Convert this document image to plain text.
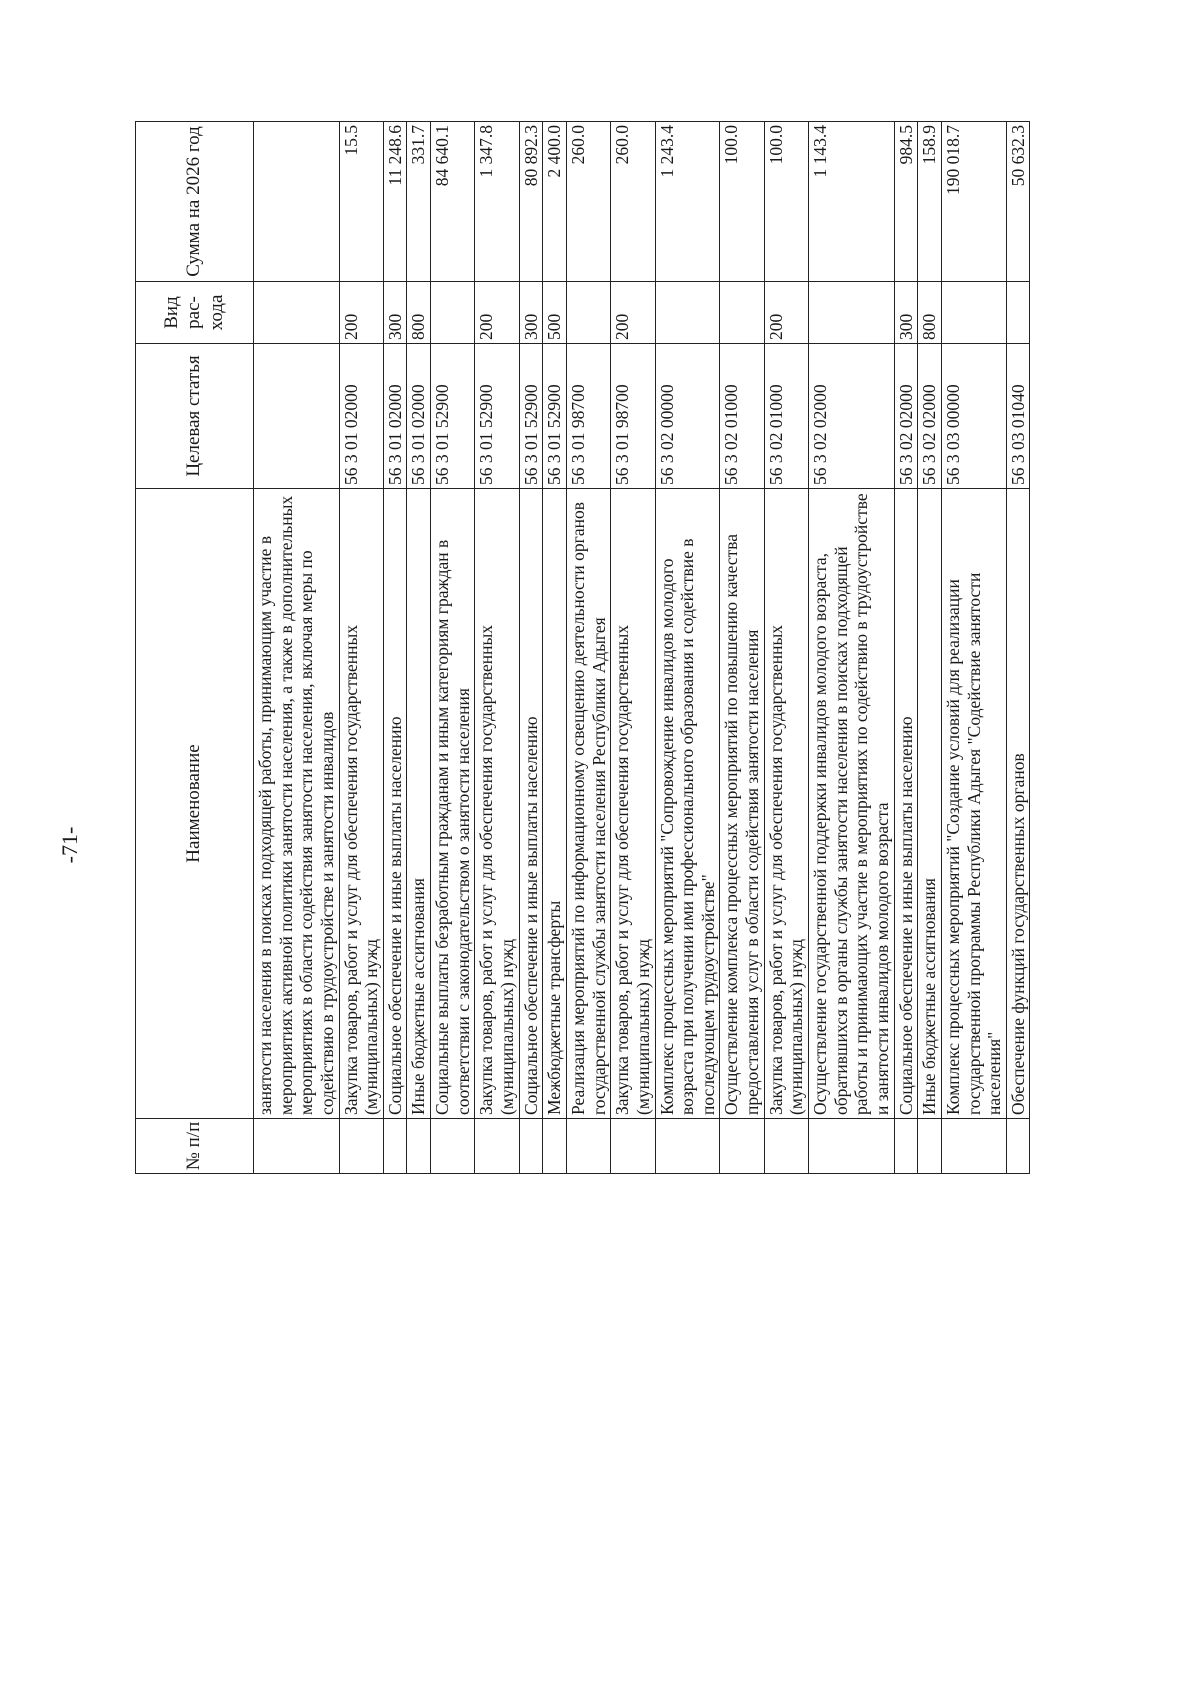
-71-
№ п/п	Наименование	Целевая статья	Вид рас-хода	Сумма на 2026 год
	занятости населения в поисках подходящей работы, принимающим участие в мероприятиях активной политики занятости населения, а также в дополнительных мероприятиях в области содействия занятости населения, включая меры по содействию в трудоустройстве и занятости инвалидов			
	Закупка товаров, работ и услуг для обеспечения государственных (муниципальных) нужд	56 3 01 02000	200	15.5
	Социальное обеспечение и иные выплаты населению	56 3 01 02000	300	11 248.6
	Иные бюджетные ассигнования	56 3 01 02000	800	331.7
	Социальные выплаты безработным гражданам и иным категориям граждан в соответствии с законодательством о занятости населения	56 3 01 52900		84 640.1
	Закупка товаров, работ и услуг для обеспечения государственных (муниципальных) нужд	56 3 01 52900	200	1 347.8
	Социальное обеспечение и иные выплаты населению	56 3 01 52900	300	80 892.3
	Межбюджетные трансферты	56 3 01 52900	500	2 400.0
	Реализация мероприятий по информационному освещению деятельности органов государственной службы занятости населения Республики Адыгея	56 3 01 98700		260.0
	Закупка товаров, работ и услуг для обеспечения государственных (муниципальных) нужд	56 3 01 98700	200	260.0
	Комплекс процессных мероприятий "Сопровождение инвалидов молодого возраста при получении ими профессионального образования и содействие в последующем трудоустройстве"	56 3 02 00000		1 243.4
	Осуществление комплекса процессных мероприятий по повышению качества предоставления услуг в области содействия занятости населения	56 3 02 01000		100.0
	Закупка товаров, работ и услуг для обеспечения государственных (муниципальных) нужд	56 3 02 01000	200	100.0
	Осуществление государственной поддержки инвалидов молодого возраста, обратившихся в органы службы занятости населения в поисках подходящей работы и принимающих участие в мероприятиях по содействию в трудоустройстве и занятости инвалидов молодого возраста	56 3 02 02000		1 143.4
	Социальное обеспечение и иные выплаты населению	56 3 02 02000	300	984.5
	Иные бюджетные ассигнования	56 3 02 02000	800	158.9
	Комплекс процессных мероприятий "Создание условий для реализации государственной программы Республики Адыгея "Содействие занятости населения"	56 3 03 00000		190 018.7
	Обеспечение функций государственных органов	56 3 03 01040		50 632.3
